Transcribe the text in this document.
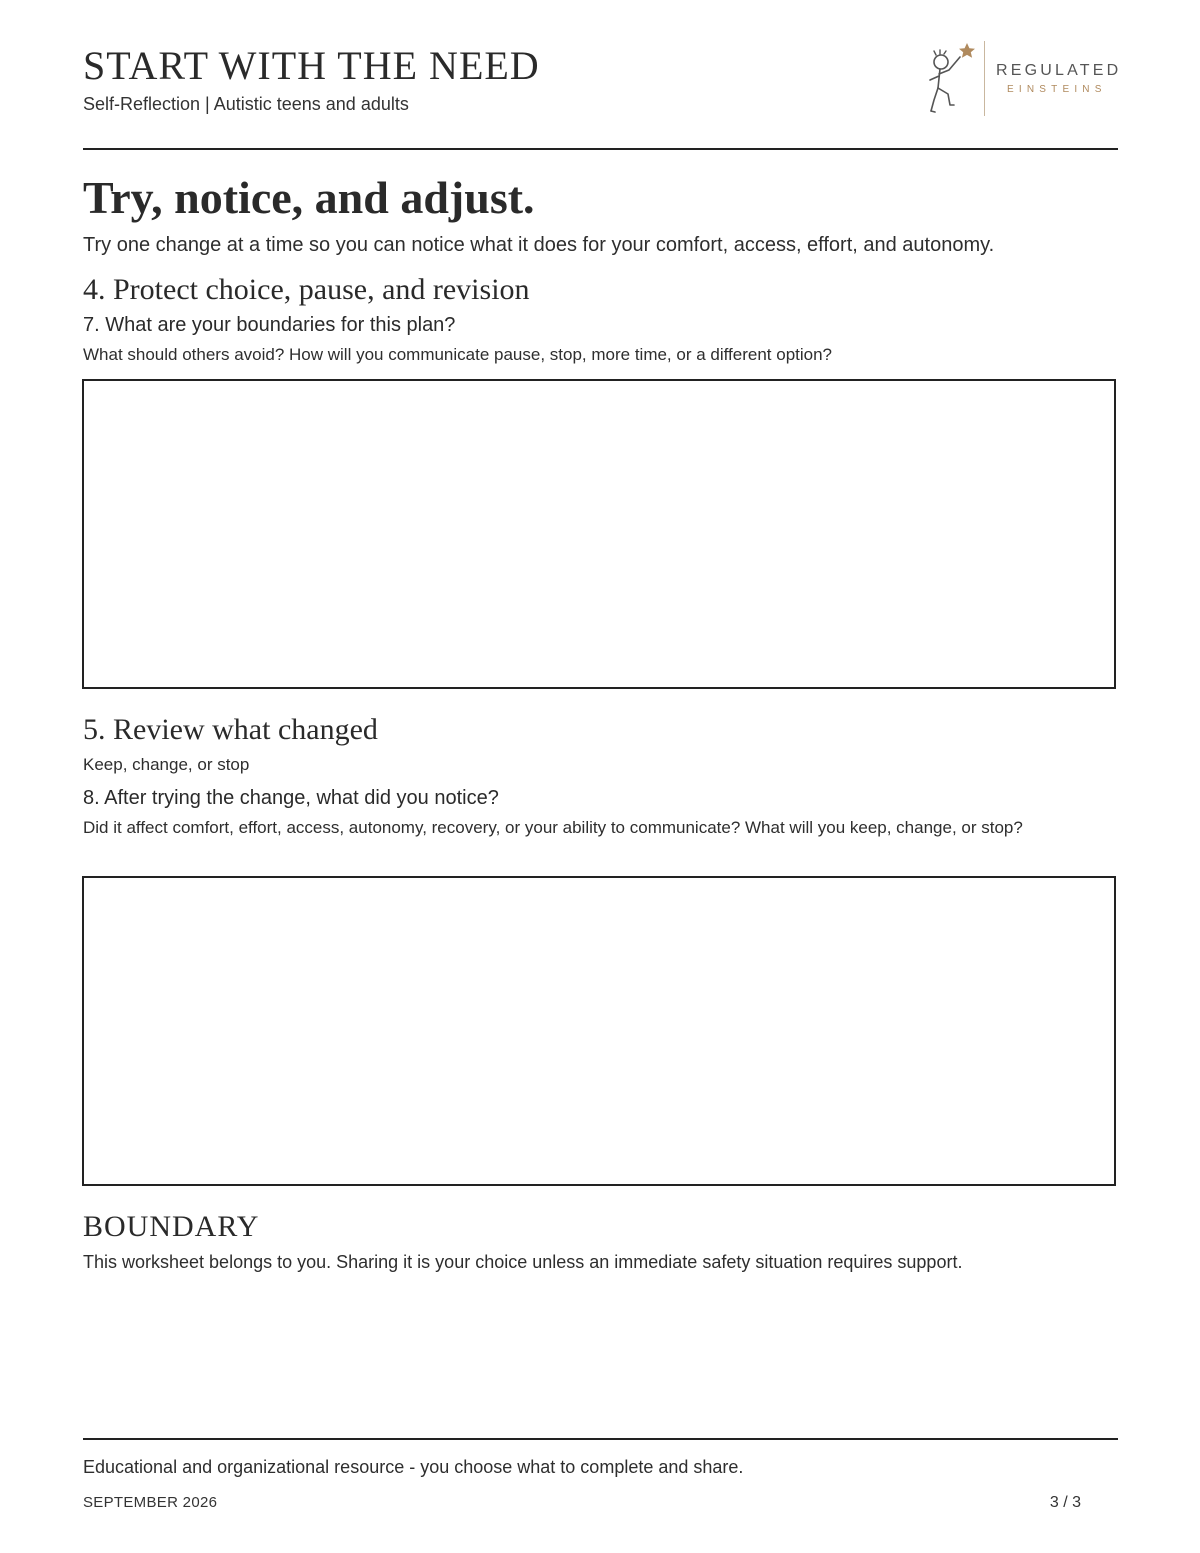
START WITH THE NEED
Self-Reflection | Autistic teens and adults
REGULATED
EINSTEINS
Try, notice, and adjust.
Try one change at a time so you can notice what it does for your comfort, access, effort, and autonomy.
4. Protect choice, pause, and revision
7. What are your boundaries for this plan?
What should others avoid? How will you communicate pause, stop, more time, or a different option?
5. Review what changed
Keep, change, or stop
8. After trying the change, what did you notice?
Did it affect comfort, effort, access, autonomy, recovery, or your ability to communicate? What will you keep, change, or stop?
BOUNDARY
This worksheet belongs to you. Sharing it is your choice unless an immediate safety situation requires support.
Educational and organizational resource - you choose what to complete and share.
SEPTEMBER 2026	3 / 3
